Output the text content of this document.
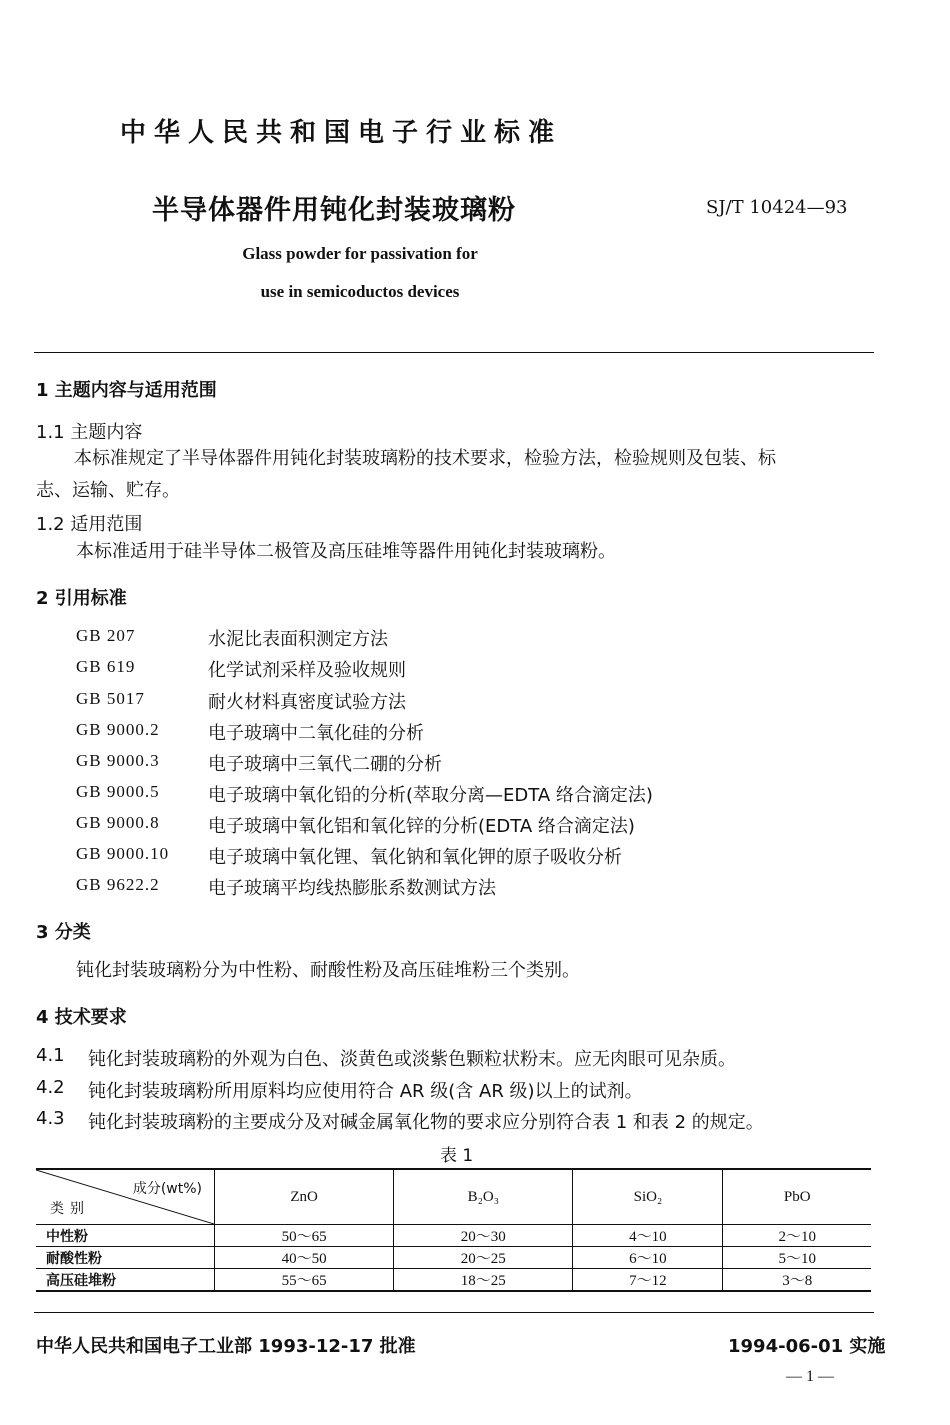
中华人民共和国电子行业标准
半导体器件用钝化封装玻璃粉	SJ/T 10424—93
Glass powder for passivation for
use in semicoductos devices
1 主题内容与适用范围
1.1 主题内容
本标准规定了半导体器件用钝化封装玻璃粉的技术要求，检验方法，检验规则及包装、标
志、运输、贮存。
1.2 适用范围
本标准适用于硅半导体二极管及高压硅堆等器件用钝化封装玻璃粉。
2 引用标准
GB 207	水泥比表面积测定方法
GB 619	化学试剂采样及验收规则
GB 5017	耐火材料真密度试验方法
GB 9000.2	电子玻璃中二氧化硅的分析
GB 9000.3	电子玻璃中三氧代二硼的分析
GB 9000.5	电子玻璃中氧化铅的分析(萃取分离—EDTA 络合滴定法)
GB 9000.8	电子玻璃中氧化铝和氧化锌的分析(EDTA 络合滴定法)
GB 9000.10 电子玻璃中氧化锂、氧化钠和氧化钾的原子吸收分析
GB 9622.2	电子玻璃平均线热膨胀系数测试方法
3 分类
钝化封装玻璃粉分为中性粉、耐酸性粉及高压硅堆粉三个类别。
4 技术要求
4.1 钝化封装玻璃粉的外观为白色、淡黄色或淡紫色颗粒状粉末。应无肉眼可见杂质。
4.2 钝化封装玻璃粉所用原料均应使用符合 AR 级(含 AR 级)以上的试剂。
4.3 钝化封装玻璃粉的主要成分及对碱金属氧化物的要求应分别符合表 1 和表 2 的规定。
表 1
成分(wt%)
类别	ZnO	B₂O₃	SiO₂	PbO
中性粉	50～65	20～30	4～10	2～10
耐酸性粉	40～50	20～25	6～10	5～10
高压硅堆粉	55～65	18～25	7～12	3～8
中华人民共和国电子工业部 1993-12-17 批准	1994-06-01 实施
— 1 —
